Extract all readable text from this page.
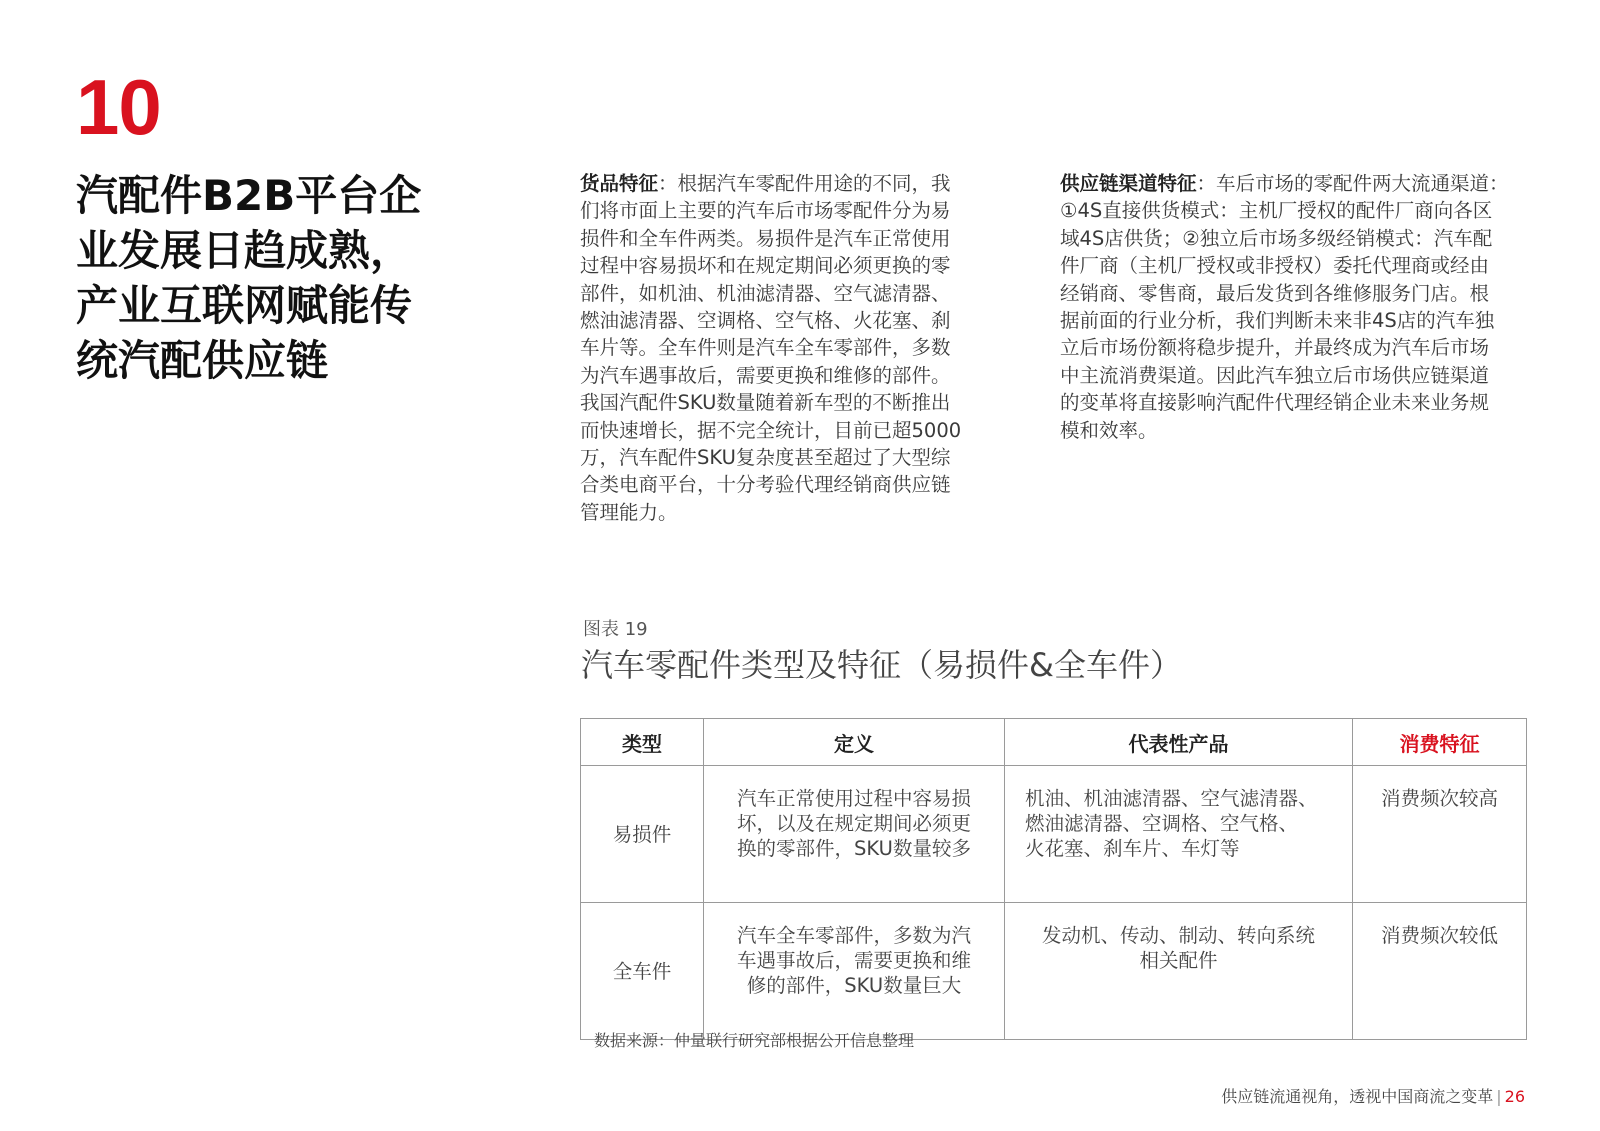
10
汽配件B2B平台企
业发展日趋成熟，
产业互联网赋能传
统汽配供应链
货品特征：根据汽车零配件用途的不同，我
们将市面上主要的汽车后市场零配件分为易
损件和全车件两类。易损件是汽车正常使用
过程中容易损坏和在规定期间必须更换的零
部件，如机油、机油滤清器、空气滤清器、
燃油滤清器、空调格、空气格、火花塞、刹
车片等。全车件则是汽车全车零部件，多数
为汽车遇事故后，需要更换和维修的部件。
我国汽配件SKU数量随着新车型的不断推出
而快速增长，据不完全统计，目前已超5000
万，汽车配件SKU复杂度甚至超过了大型综
合类电商平台，十分考验代理经销商供应链
管理能力。
供应链渠道特征：车后市场的零配件两大流通渠道：
①4S直接供货模式：主机厂授权的配件厂商向各区
域4S店供货；②独立后市场多级经销模式：汽车配
件厂商（主机厂授权或非授权）委托代理商或经由
经销商、零售商，最后发货到各维修服务门店。根
据前面的行业分析，我们判断未来非4S店的汽车独
立后市场份额将稳步提升，并最终成为汽车后市场
中主流消费渠道。因此汽车独立后市场供应链渠道
的变革将直接影响汽配件代理经销企业未来业务规
模和效率。
图表 19
汽车零配件类型及特征（易损件&全车件）
类型	定义	代表性产品	消费特征
易损件	汽车正常使用过程中容易损
坏，以及在规定期间必须更
换的零部件，SKU数量较多	机油、机油滤清器、空气滤清器、
燃油滤清器、空调格、空气格、
火花塞、刹车片、车灯等	消费频次较高
全车件	汽车全车零部件，多数为汽
车遇事故后，需要更换和维
修的部件，SKU数量巨大	发动机、传动、制动、转向系统
相关配件	消费频次较低
数据来源：仲量联行研究部根据公开信息整理
供应链流通视角，透视中国商流之变革 | 26
